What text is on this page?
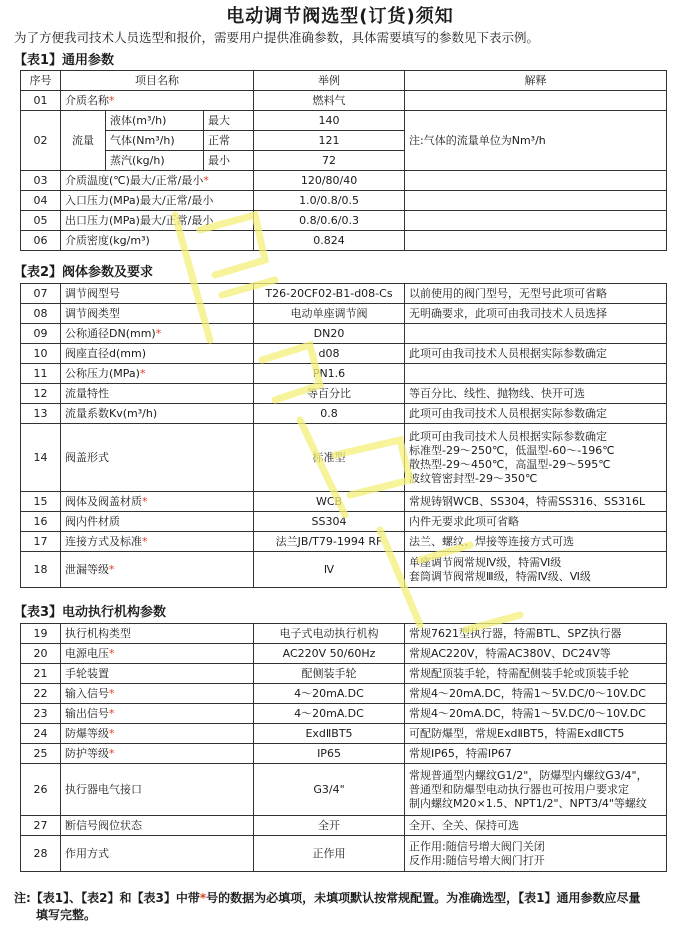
电动调节阀选型(订货)须知
为了方便我司技术人员选型和报价，需要用户提供准确参数，具体需要填写的参数见下表示例。
【表1】通用参数
序号	项目名称			举例	解释
01	介质名称*			燃料气	
02	流量	液体(m³/h)	最大	140	注:气体的流量单位为Nm³/h
		气体(Nm³/h)	正常	121	
		蒸汽(kg/h)	最小	72	
03	介质温度(℃)最大/正常/最小*			120/80/40	
04	入口压力(MPa)最大/正常/最小			1.0/0.8/0.5	
05	出口压力(MPa)最大/正常/最小			0.8/0.6/0.3	
06	介质密度(kg/m³)			0.824	
【表2】阀体参数及要求
07	调节阀型号	T26-20CF02-B1-d08-Cs	以前使用的阀门型号，无型号此项可省略
08	调节阀类型	电动单座调节阀	无明确要求，此项可由我司技术人员选择
09	公称通径DN(mm)*	DN20	
10	阀座直径d(mm)	d08	此项可由我司技术人员根据实际参数确定
11	公称压力(MPa)*	PN1.6	
12	流量特性	等百分比	等百分比、线性、抛物线、快开可选
13	流量系数Kv(m³/h)	0.8	此项可由我司技术人员根据实际参数确定
14	阀盖形式	标准型	此项可由我司技术人员根据实际参数确定
标准型-29～250℃，低温型-60～-196℃
散热型-29～450℃，高温型-29～595℃
波纹管密封型-29～350℃

15	阀体及阀盖材质*	WCB	常规铸钢WCB、SS304，特需SS316、SS316L
16	阀内件材质	SS304	内件无要求此项可省略
17	连接方式及标准*	法兰JB/T79-1994 RF	法兰、螺纹、焊接等连接方式可选
18	泄漏等级*	Ⅳ	单座调节阀常规Ⅳ级，特需Ⅵ级
套筒调节阀常规Ⅲ级，特需Ⅳ级、Ⅵ级
【表3】电动执行机构参数
19	执行机构类型	电子式电动执行机构	常规7621型执行器，特需BTL、SPZ执行器
20	电源电压*	AC220V 50/60Hz	常规AC220V，特需AC380V、DC24V等
21	手轮装置	配侧装手轮	常规配顶装手轮，特需配侧装手轮或顶装手轮
22	输入信号*	4～20mA.DC	常规4～20mA.DC，特需1～5V.DC/0～10V.DC
23	输出信号*	4～20mA.DC	常规4～20mA.DC，特需1～5V.DC/0～10V.DC
24	防爆等级*	ExdⅡBT5	可配防爆型，常规ExdⅡBT5，特需ExdⅡCT5
25	防护等级*	IP65	常规IP65，特需IP67
26	执行器电气接口	G3/4"	常规普通型内螺纹G1/2"，防爆型内螺纹G3/4"，
普通型和防爆型电动执行器也可按用户要求定
制内螺纹M20×1.5、NPT1/2"、NPT3/4"等螺纹

27	断信号阀位状态	全开	全开、全关、保持可选
28	作用方式	正作用	正作用:随信号增大阀门关闭
反作用:随信号增大阀门打开
注:【表1】、【表2】和【表3】中带*号的数据为必填项，未填项默认按常规配置。为准确选型，【表1】通用参数应尽量
填写完整。
